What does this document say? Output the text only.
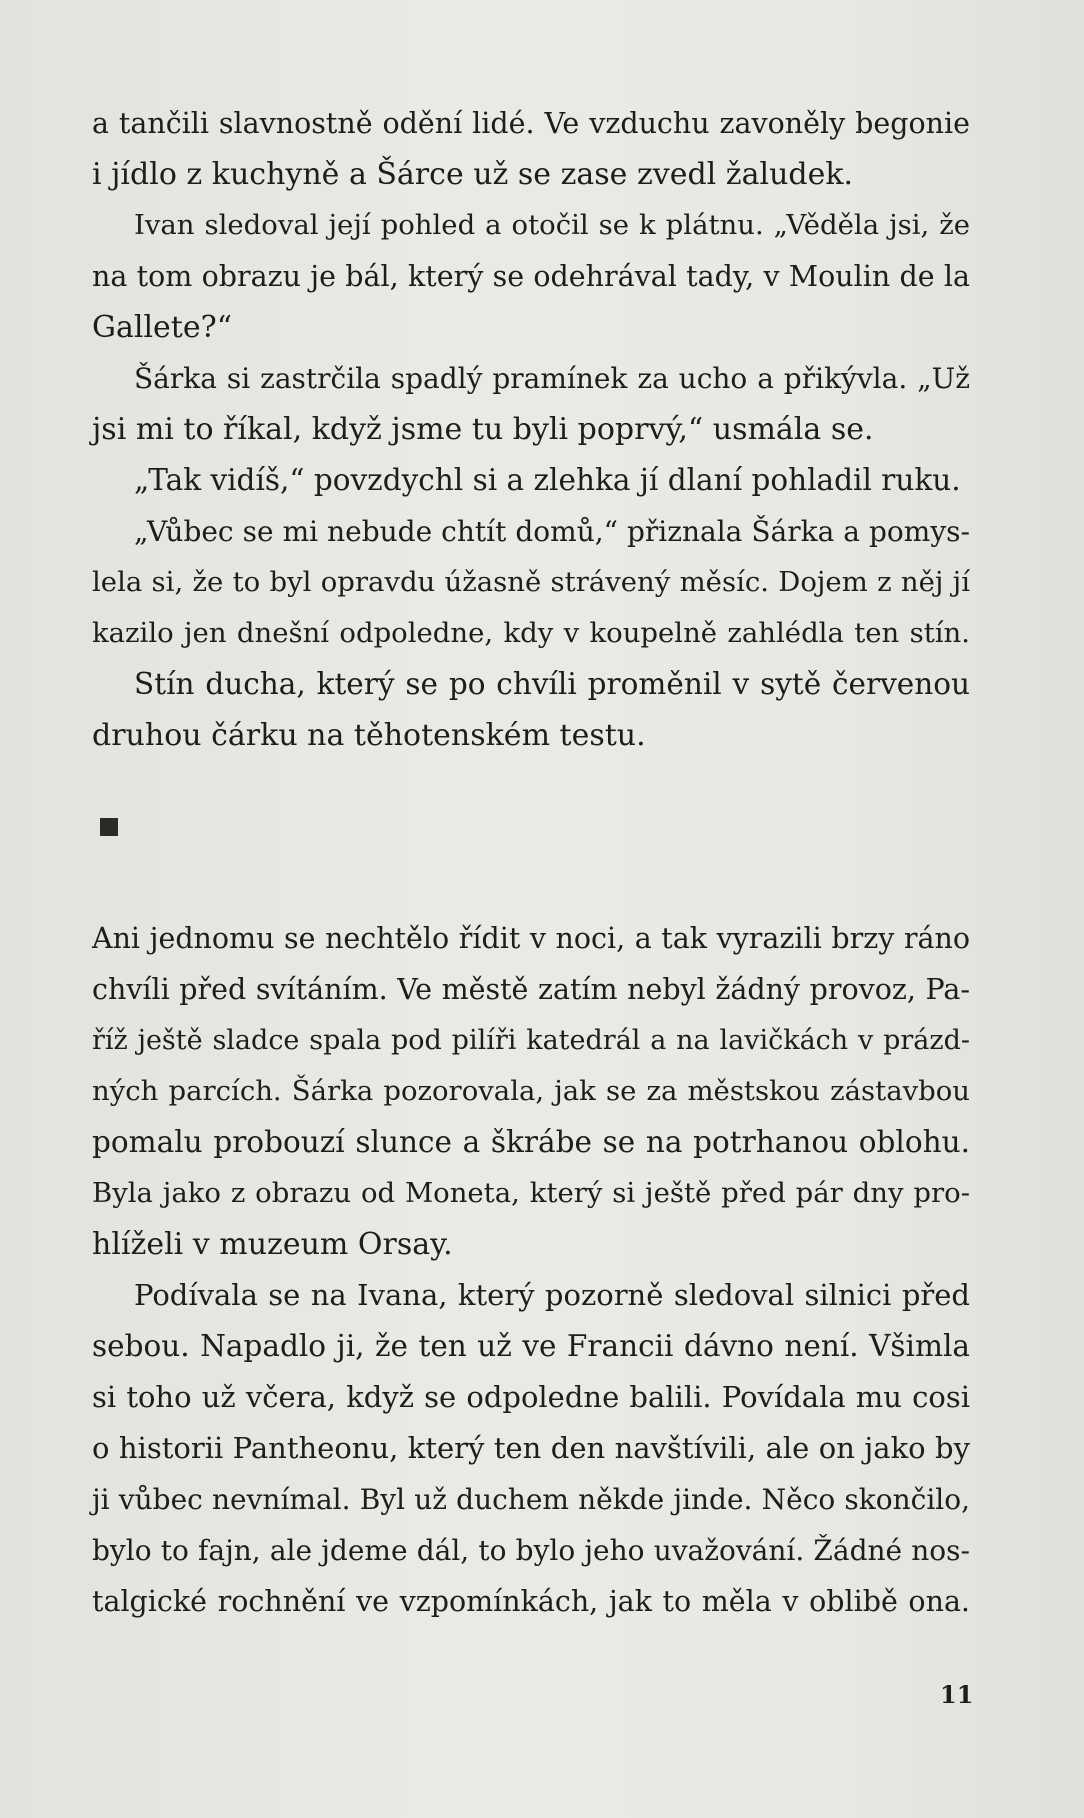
a tančili slavnostně odění lidé. Ve vzduchu zavoněly begonie
i jídlo z kuchyně a Šárce už se zase zvedl žaludek.
Ivan sledoval její pohled a otočil se k plátnu. „Věděla jsi, že
na tom obrazu je bál, který se odehrával tady, v Moulin de la
Gallete?“
Šárka si zastrčila spadlý pramínek za ucho a přikývla. „Už
jsi mi to říkal, když jsme tu byli poprvý,“ usmála se.
„Tak vidíš,“ povzdychl si a zlehka jí dlaní pohladil ruku.
„Vůbec se mi nebude chtít domů,“ přiznala Šárka a pomys-
lela si, že to byl opravdu úžasně strávený měsíc. Dojem z něj jí
kazilo jen dnešní odpoledne, kdy v koupelně zahlédla ten stín.
Stín ducha, který se po chvíli proměnil v sytě červenou
druhou čárku na těhotenském testu.
Ani jednomu se nechtělo řídit v noci, a tak vyrazili brzy ráno
chvíli před svítáním. Ve městě zatím nebyl žádný provoz, Pa-
říž ještě sladce spala pod pilíři katedrál a na lavičkách v prázd-
ných parcích. Šárka pozorovala, jak se za městskou zástavbou
pomalu probouzí slunce a škrábe se na potrhanou oblohu.
Byla jako z obrazu od Moneta, který si ještě před pár dny pro-
hlíželi v muzeum Orsay.
Podívala se na Ivana, který pozorně sledoval silnici před
sebou. Napadlo ji, že ten už ve Francii dávno není. Všimla
si toho už včera, když se odpoledne balili. Povídala mu cosi
o historii Pantheonu, který ten den navštívili, ale on jako by
ji vůbec nevnímal. Byl už duchem někde jinde. Něco skončilo,
bylo to fajn, ale jdeme dál, to bylo jeho uvažování. Žádné nos-
talgické rochnění ve vzpomínkách, jak to měla v oblibě ona.
11
